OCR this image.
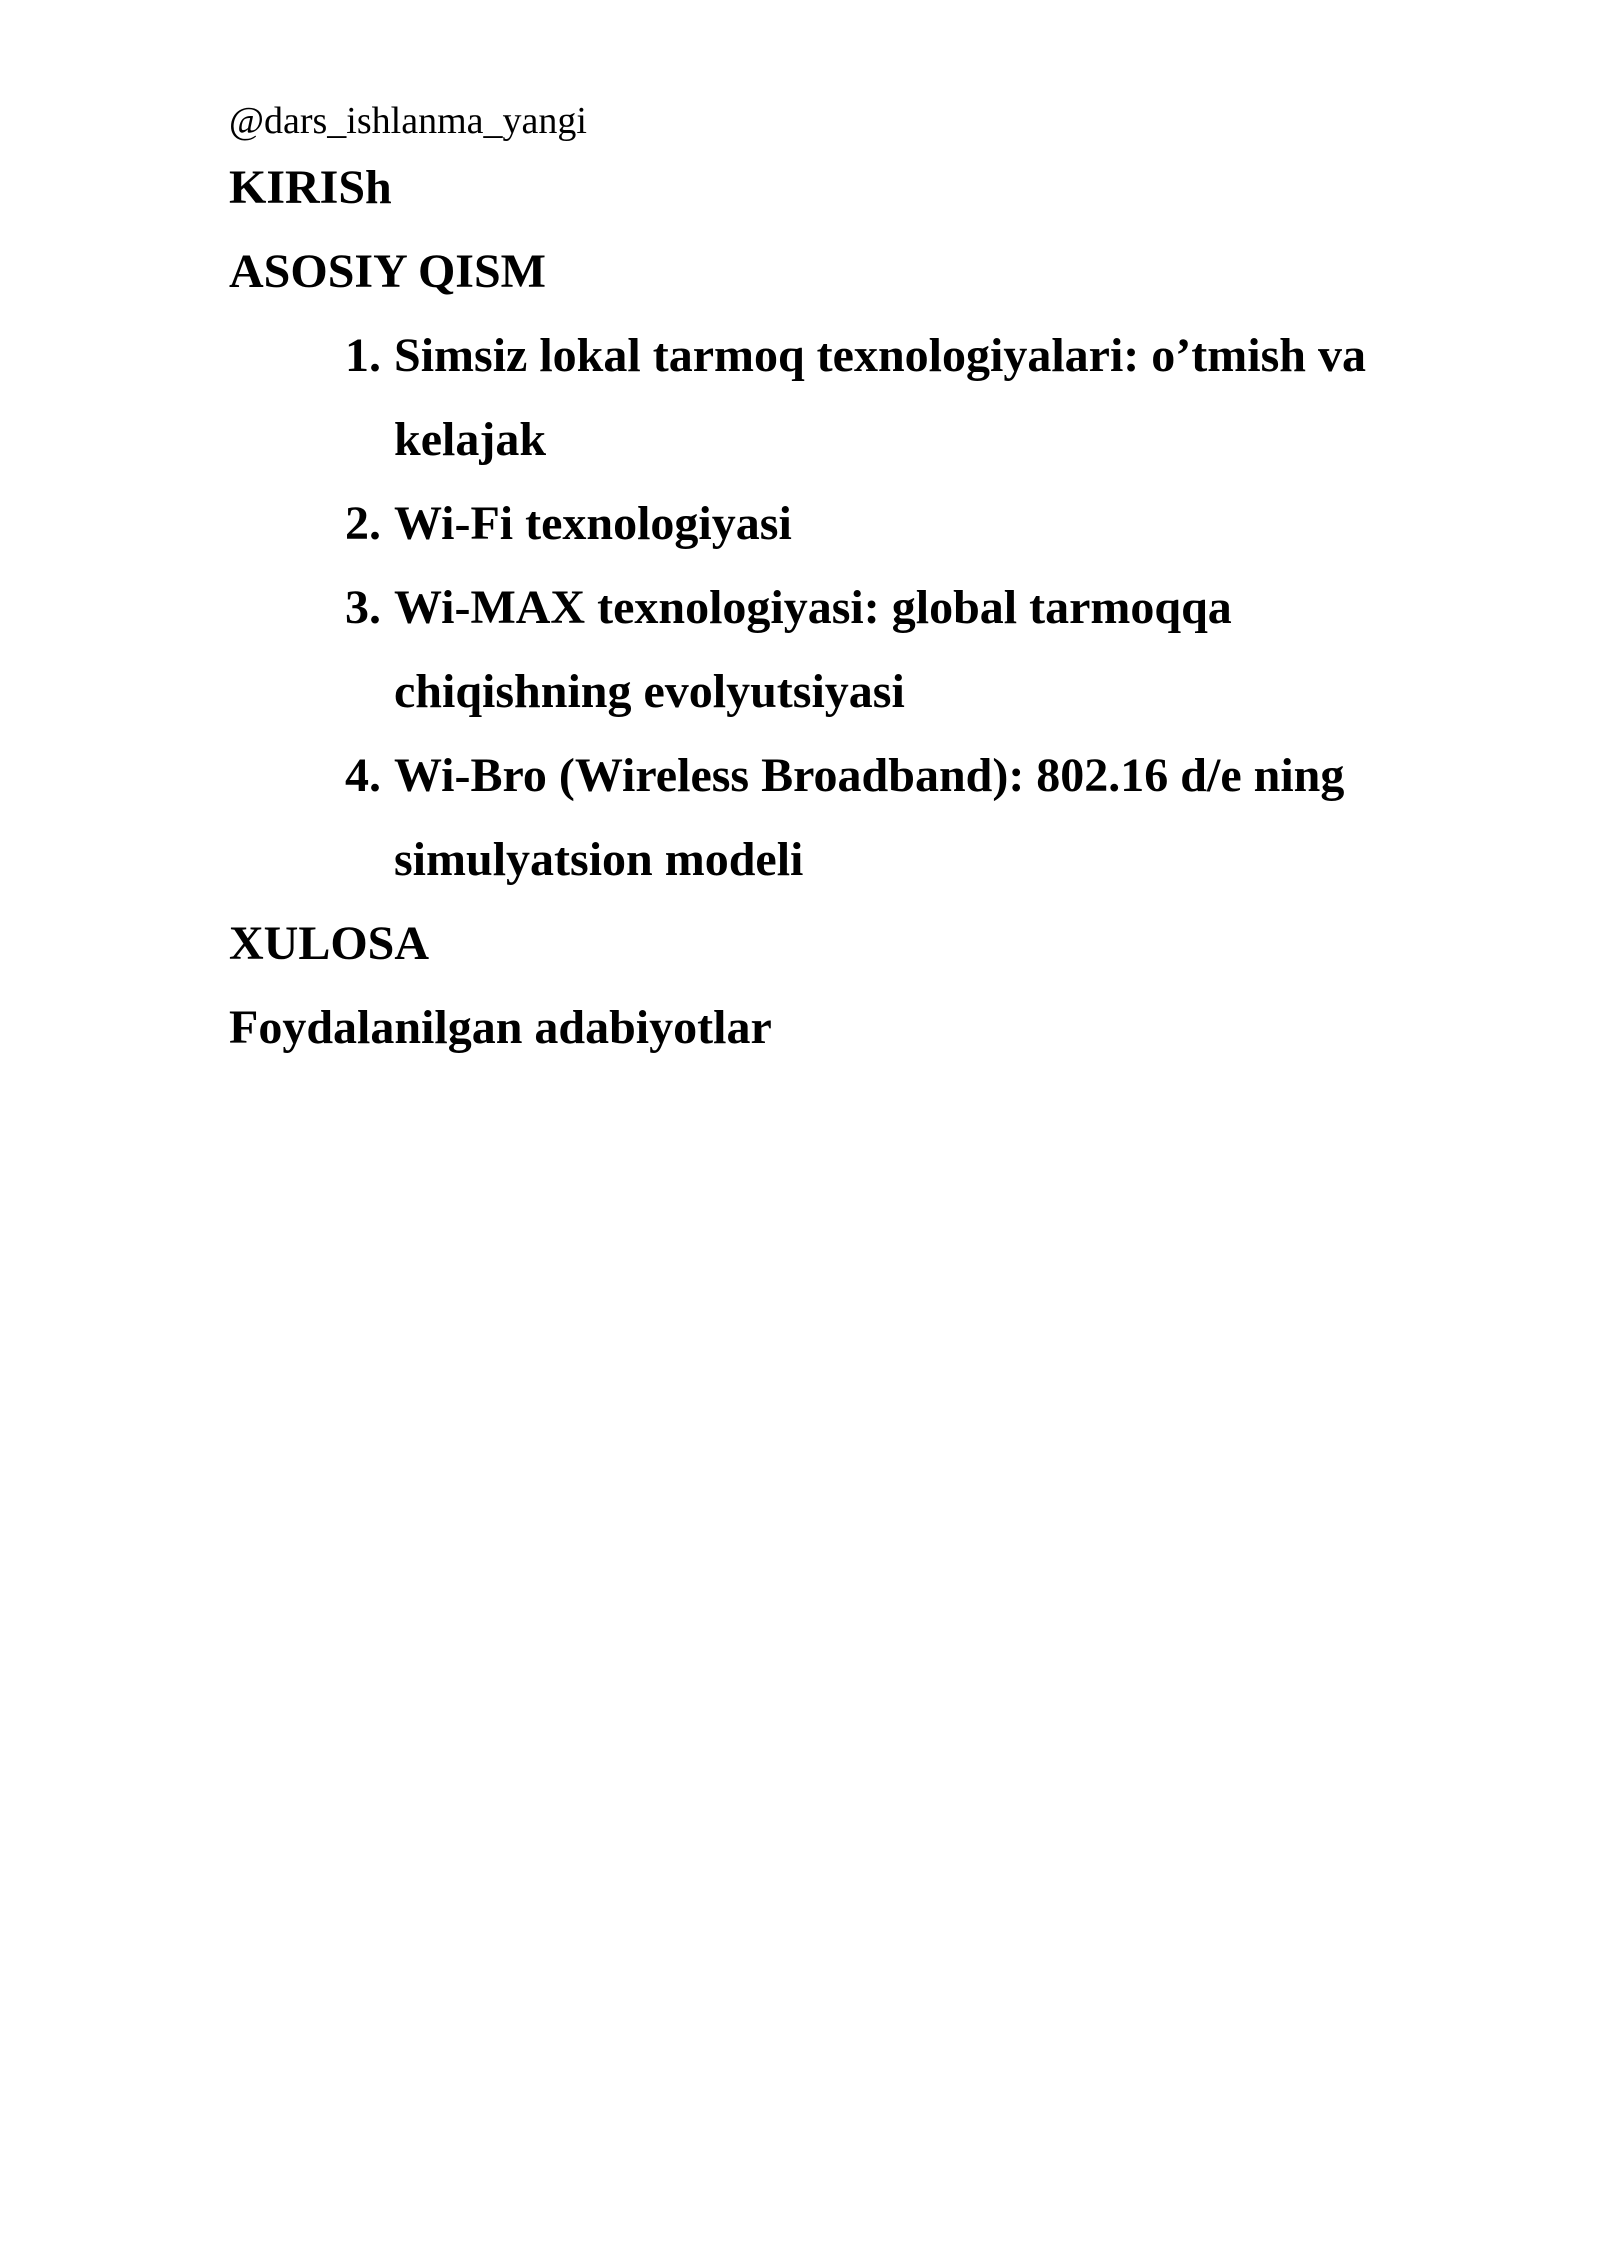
@dars_ishlanma_yangi

KIRISh

ASOSIY QISM

1. Simsiz lokal tarmoq texnologiyalari: o’tmish va kelajak
2. Wi-Fi texnologiyasi
3. Wi-MAX texnologiyasi: global tarmoqqa chiqishning evolyutsiyasi
4. Wi-Bro (Wireless Broadband): 802.16 d/e ning simulyatsion modeli

XULOSA

Foydalanilgan adabiyotlar
